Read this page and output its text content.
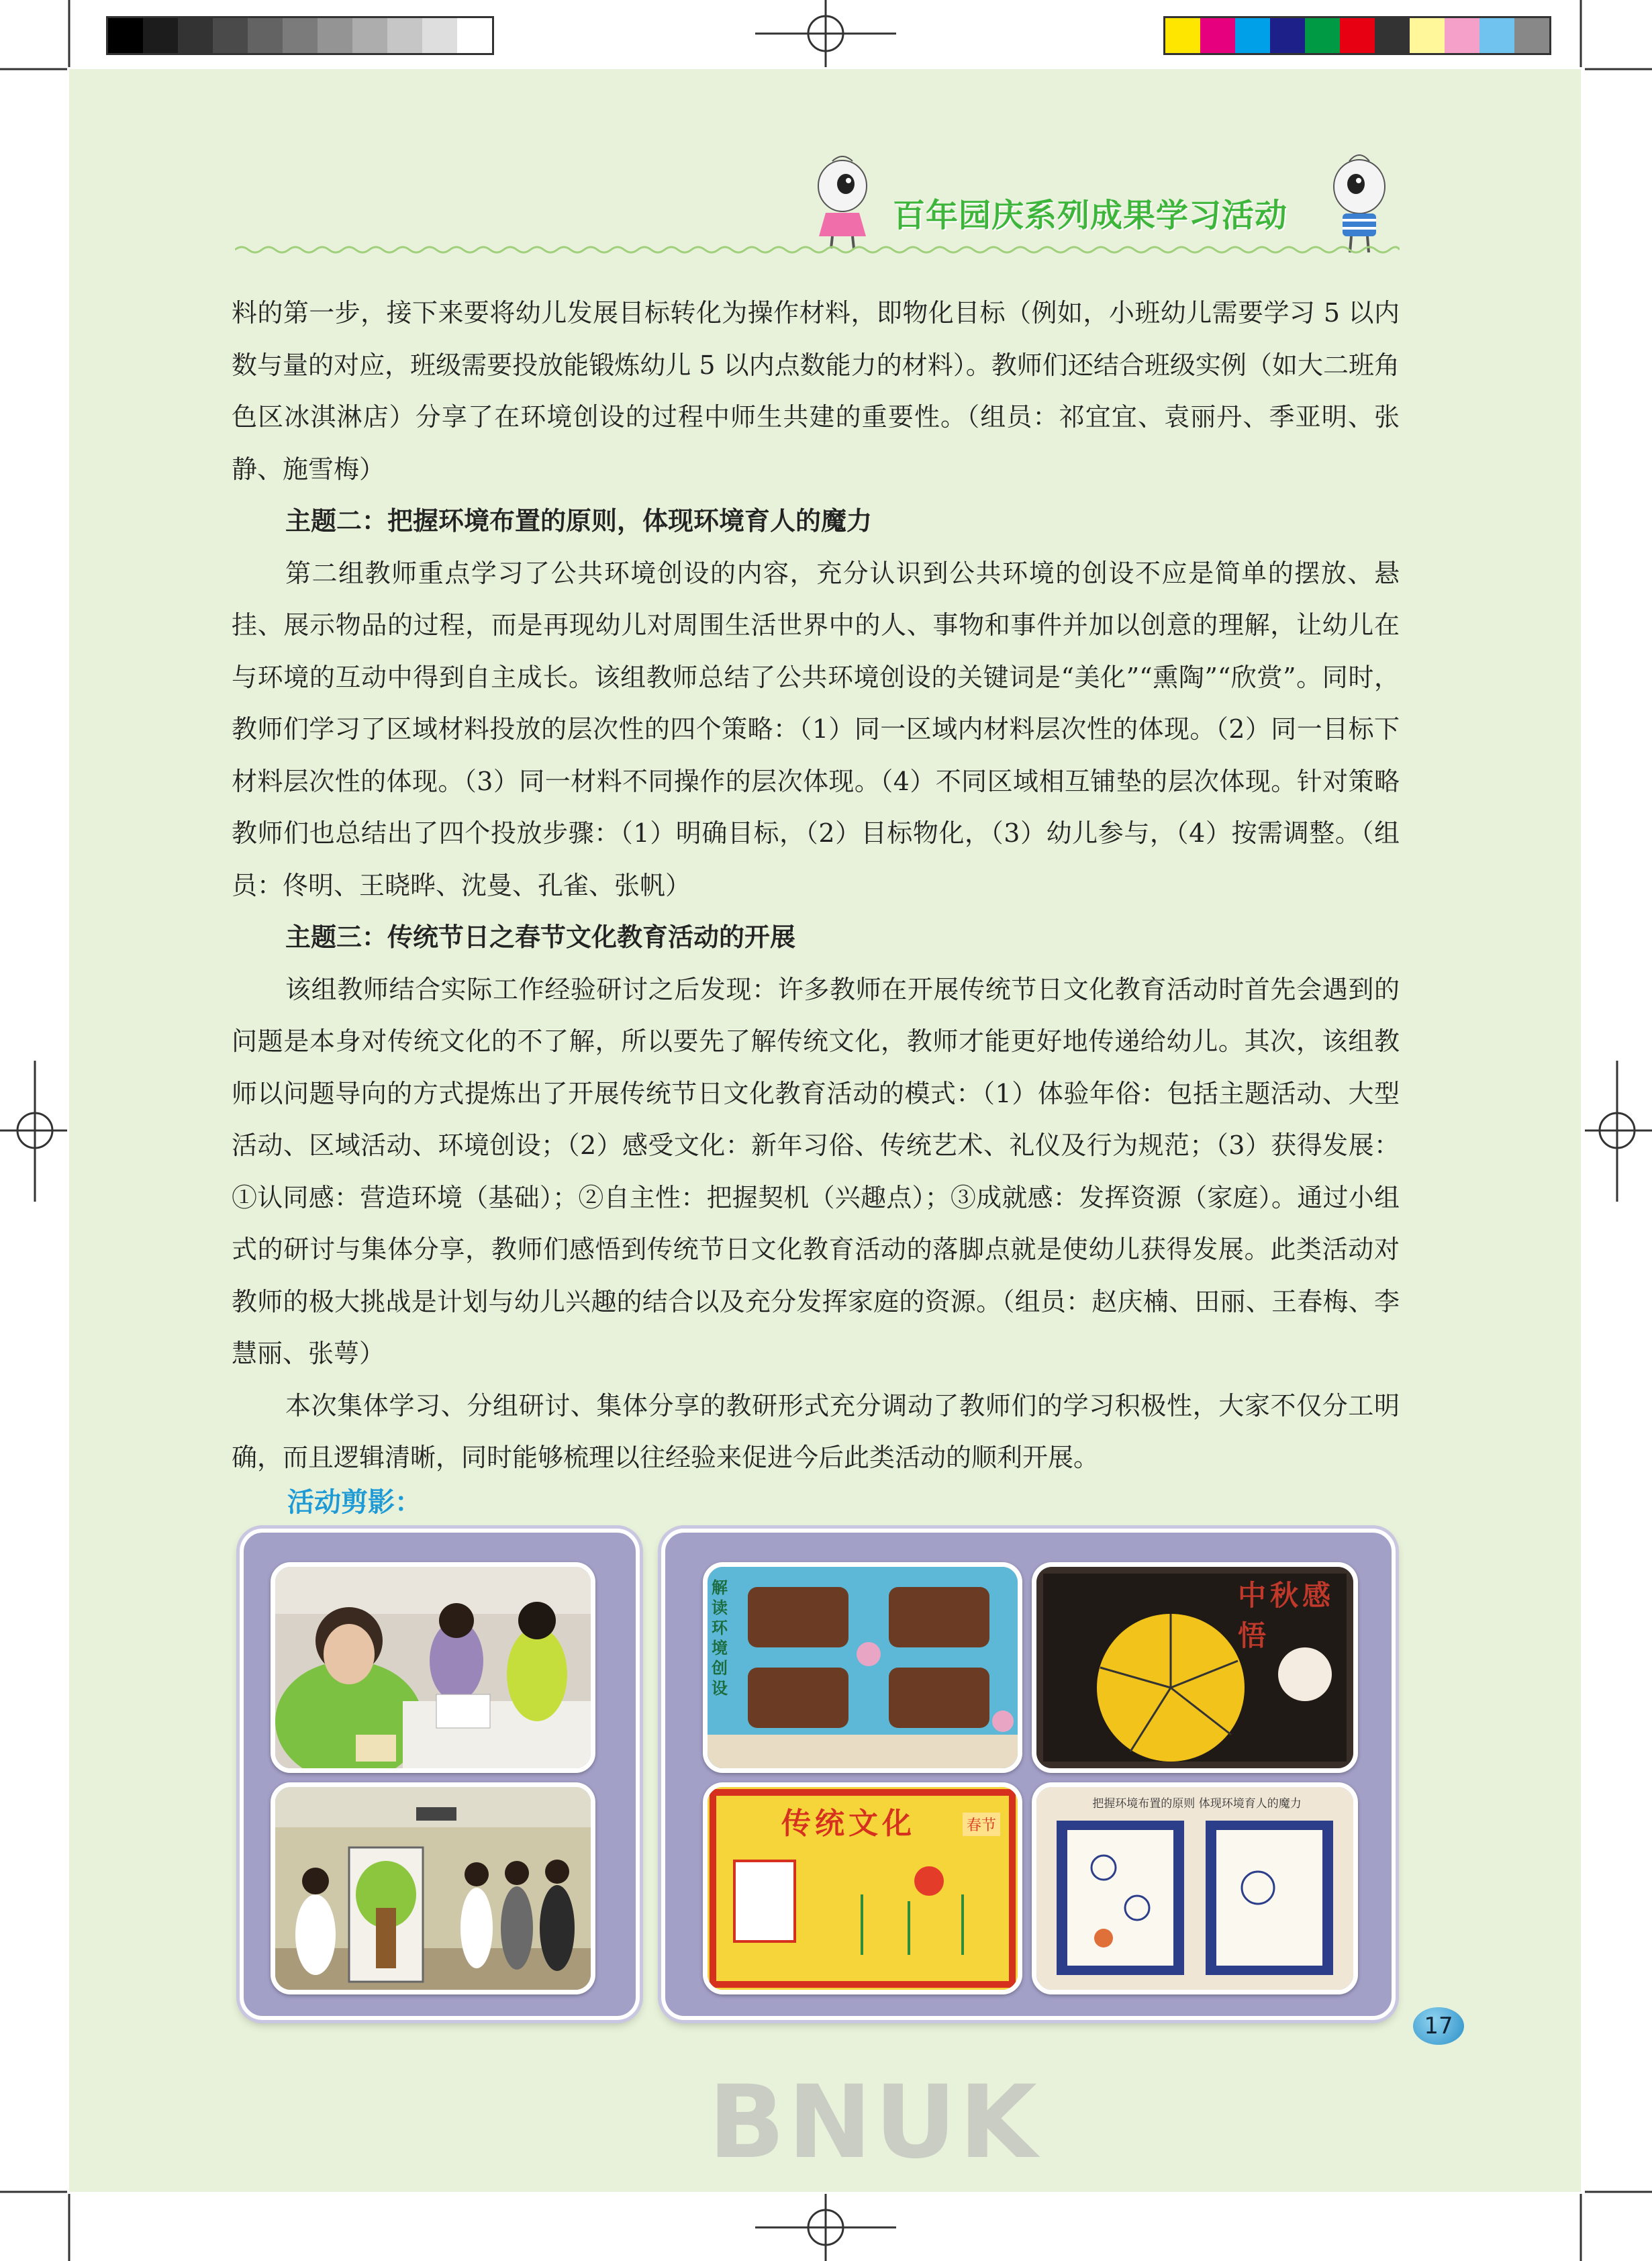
百年园庆系列成果学习活动

料的第一步，接下来要将幼儿发展目标转化为操作材料，即物化目标（例如，小班幼儿需要学习 5 以内数与量的对应，班级需要投放能锻炼幼儿 5 以内点数能力的材料）。教师们还结合班级实例（如大二班角色区冰淇淋店）分享了在环境创设的过程中师生共建的重要性。（组员：祁宜宜、袁丽丹、季亚明、张静、施雪梅）

主题二：把握环境布置的原则，体现环境育人的魔力

第二组教师重点学习了公共环境创设的内容，充分认识到公共环境的创设不应是简单的摆放、悬挂、展示物品的过程，而是再现幼儿对周围生活世界中的人、事物和事件并加以创意的理解，让幼儿在与环境的互动中得到自主成长。该组教师总结了公共环境创设的关键词是“美化”“熏陶”“欣赏”。同时，教师们学习了区域材料投放的层次性的四个策略：（1）同一区域内材料层次性的体现。（2）同一目标下材料层次性的体现。（3）同一材料不同操作的层次体现。（4）不同区域相互铺垫的层次体现。针对策略教师们也总结出了四个投放步骤：（1）明确目标，（2）目标物化，（3）幼儿参与，（4）按需调整。（组员：佟明、王晓晔、沈曼、孔雀、张帆）

主题三：传统节日之春节文化教育活动的开展

该组教师结合实际工作经验研讨之后发现：许多教师在开展传统节日文化教育活动时首先会遇到的问题是本身对传统文化的不了解，所以要先了解传统文化，教师才能更好地传递给幼儿。其次，该组教师以问题导向的方式提炼出了开展传统节日文化教育活动的模式：（1）体验年俗：包括主题活动、大型活动、区域活动、环境创设；（2）感受文化：新年习俗、传统艺术、礼仪及行为规范；（3）获得发展：①认同感：营造环境（基础）；②自主性：把握契机（兴趣点）；③成就感：发挥资源（家庭）。通过小组式的研讨与集体分享，教师们感悟到传统节日文化教育活动的落脚点就是使幼儿获得发展。此类活动对教师的极大挑战是计划与幼儿兴趣的结合以及充分发挥家庭的资源。（组员：赵庆楠、田丽、王春梅、李慧丽、张萼）

本次集体学习、分组研讨、集体分享的教研形式充分调动了教师们的学习积极性，大家不仅分工明确，而且逻辑清晰，同时能够梳理以往经验来促进今后此类活动的顺利开展。

活动剪影：
解读环境创设
中秋感悟
传统文化	春节
把握环境布置的原则 体现环境育人的魔力
17
BNUK
